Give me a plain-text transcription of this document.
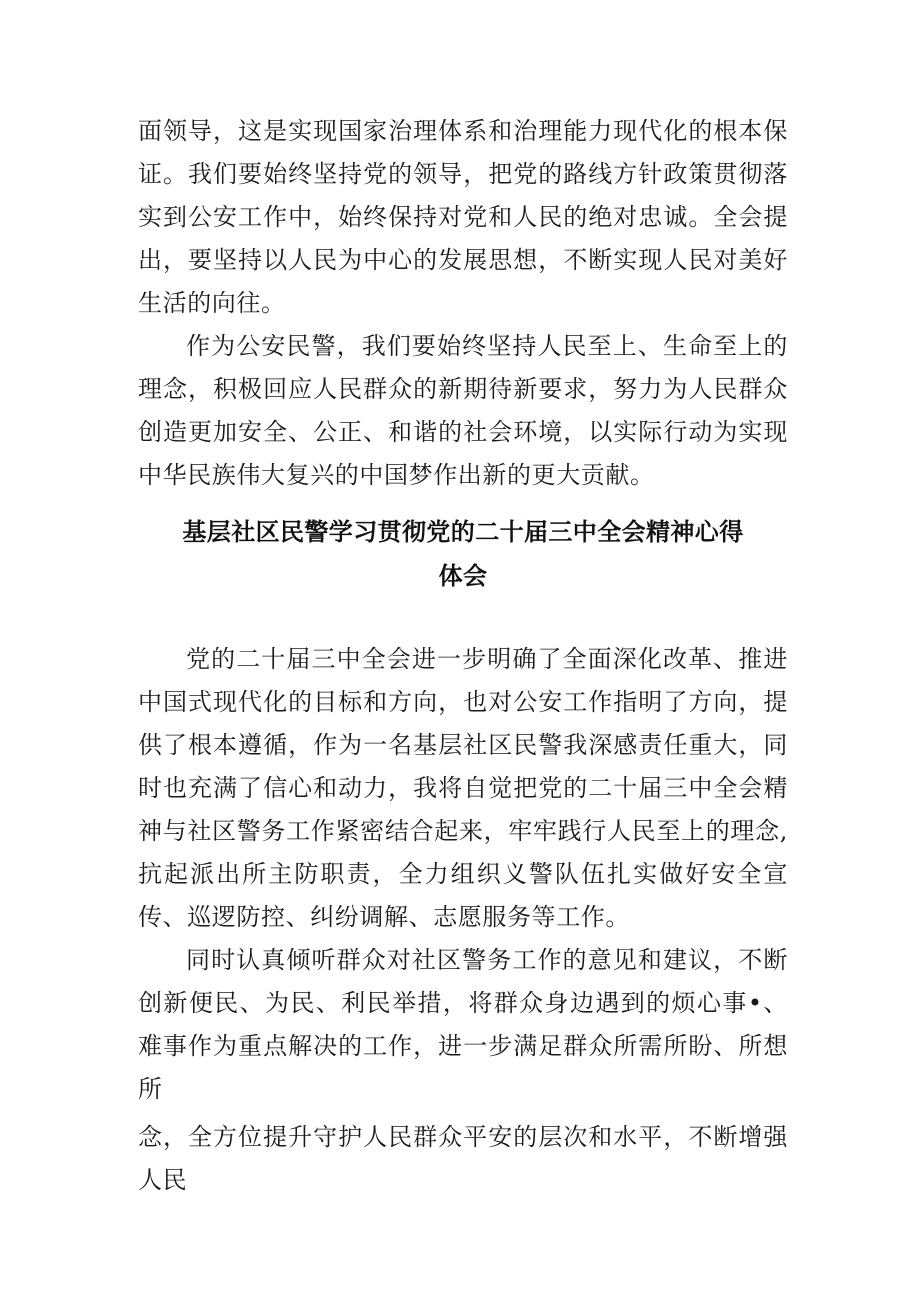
面领导，这是实现国家治理体系和治理能力现代化的根本保证。我们要始终坚持党的领导，把党的路线方针政策贯彻落实到公安工作中，始终保持对党和人民的绝对忠诚。全会提出，要坚持以人民为中心的发展思想，不断实现人民对美好生活的向往。

作为公安民警，我们要始终坚持人民至上、生命至上的理念，积极回应人民群众的新期待新要求，努力为人民群众创造更加安全、公正、和谐的社会环境，以实际行动为实现中华民族伟大复兴的中国梦作出新的更大贡献。

基层社区民警学习贯彻党的二十届三中全会精神心得
体会

党的二十届三中全会进一步明确了全面深化改革、推进中国式现代化的目标和方向，也对公安工作指明了方向，提供了根本遵循，作为一名基层社区民警我深感责任重大，同时也充满了信心和动力，我将自觉把党的二十届三中全会精神与社区警务工作紧密结合起来，牢牢践行人民至上的理念,抗起派出所主防职责，全力组织义警队伍扎实做好安全宣传、巡逻防控、纠纷调解、志愿服务等工作。

同时认真倾听群众对社区警务工作的意见和建议，不断创新便民、为民、利民举措，将群众身边遇到的烦心事•、难事作为重点解决的工作，进一步满足群众所需所盼、所想所

念，全方位提升守护人民群众平安的层次和水平，不断增强人民
